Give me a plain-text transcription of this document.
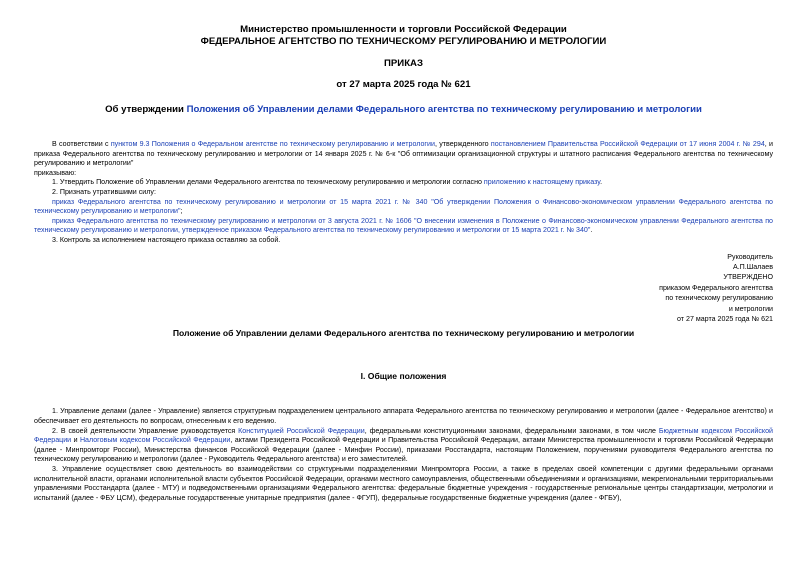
Министерство промышленности и торговли Российской Федерации
ФЕДЕРАЛЬНОЕ АГЕНТСТВО ПО ТЕХНИЧЕСКОМУ РЕГУЛИРОВАНИЮ И МЕТРОЛОГИИ
ПРИКАЗ
от 27 марта 2025 года № 621
Об утверждении Положения об Управлении делами Федерального агентства по техническому регулированию и метрологии
В соответствии с пунктом 9.3 Положения о Федеральном агентстве по техническому регулированию и метрологии, утвержденного постановлением Правительства Российской Федерации от 17 июня 2004 г. № 294, и приказа Федерального агентства по техническому регулированию и метрологии от 14 января 2025 г. № 6-к "Об оптимизации организационной структуры и штатного расписания Федерального агентства по техническому регулированию и метрологии"
приказываю:
1. Утвердить Положение об Управлении делами Федерального агентства по техническому регулированию и метрологии согласно приложению к настоящему приказу.
2. Признать утратившими силу:
приказ Федерального агентства по техническому регулированию и метрологии от 15 марта 2021 г. № 340 "Об утверждении Положения о Финансово-экономическом управлении Федерального агентства по техническому регулированию и метрологии";
приказ Федерального агентства по техническому регулированию и метрологии от 3 августа 2021 г. № 1606 "О внесении изменения в Положение о Финансово-экономическом управлении Федерального агентства по техническому регулированию и метрологии, утвержденное приказом Федерального агентства по техническому регулированию и метрологии от 15 марта 2021 г. № 340".
3. Контроль за исполнением настоящего приказа оставляю за собой.
Руководитель
А.П.Шалаев
УТВЕРЖДЕНО
приказом Федерального агентства
по техническому регулированию
и метрологии
от 27 марта 2025 года № 621
Положение об Управлении делами Федерального агентства по техническому регулированию и метрологии
I. Общие положения
1. Управление делами (далее - Управление) является структурным подразделением центрального аппарата Федерального агентства по техническому регулированию и метрологии (далее - Федеральное агентство) и обеспечивает его деятельность по вопросам, отнесенным к его ведению.
2. В своей деятельности Управление руководствуется Конституцией Российской Федерации, федеральными конституционными законами, федеральными законами, в том числе Бюджетным кодексом Российской Федерации и Налоговым кодексом Российской Федерации, актами Президента Российской Федерации и Правительства Российской Федерации, актами Министерства промышленности и торговли Российской Федерации (далее - Минпромторг России), Министерства финансов Российской Федерации (далее - Минфин России), приказами Росстандарта, настоящим Положением, поручениями руководителя Федерального агентства по техническому регулированию и метрологии (далее - Руководитель Федерального агентства) и его заместителей.
3. Управление осуществляет свою деятельность во взаимодействии со структурными подразделениями Минпромторга России, а также в пределах своей компетенции с другими федеральными органами исполнительной власти, органами исполнительной власти субъектов Российской Федерации, органами местного самоуправления, общественными объединениями и организациями, межрегиональными территориальными управлениями Росстандарта (далее - МТУ) и подведомственными организациями Федерального агентства: федеральные бюджетные учреждения - государственные региональные центры стандартизации, метрологии и испытаний (далее - ФБУ ЦСМ), федеральные государственные унитарные предприятия (далее - ФГУП), федеральные государственные бюджетные учреждения (далее - ФГБУ),
